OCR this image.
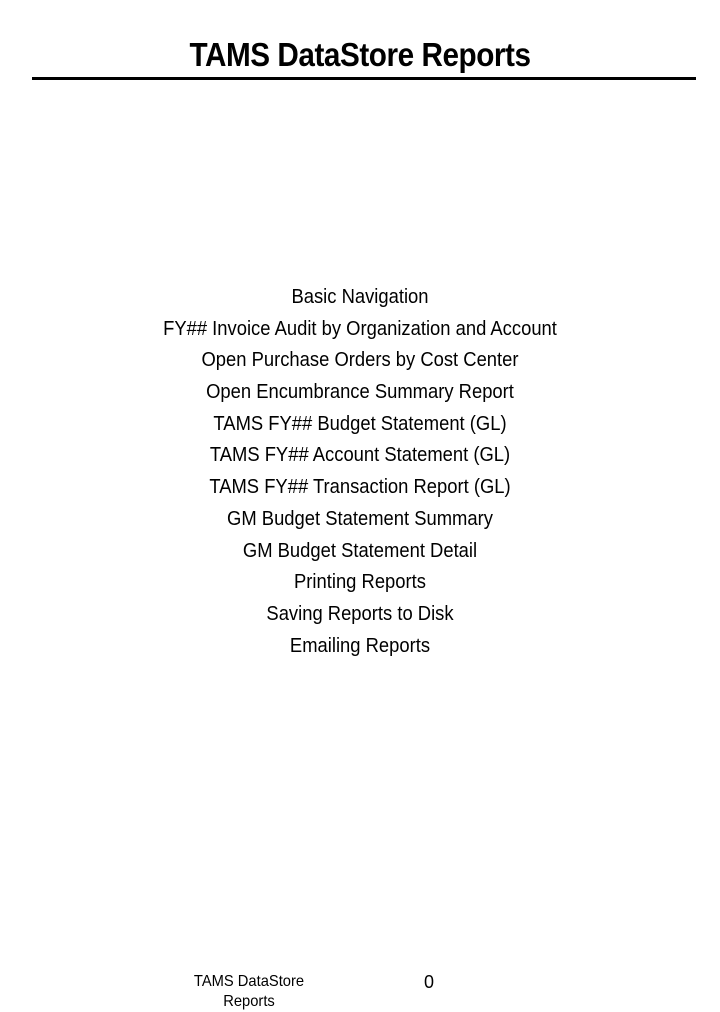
TAMS DataStore Reports
Basic Navigation
FY## Invoice Audit by Organization and Account
Open Purchase Orders by Cost Center
Open Encumbrance Summary Report
TAMS FY## Budget Statement (GL)
TAMS FY## Account Statement (GL)
TAMS FY## Transaction Report (GL)
GM Budget Statement Summary
GM Budget Statement Detail
Printing Reports
Saving Reports to Disk
Emailing Reports
TAMS DataStore Reports
0
